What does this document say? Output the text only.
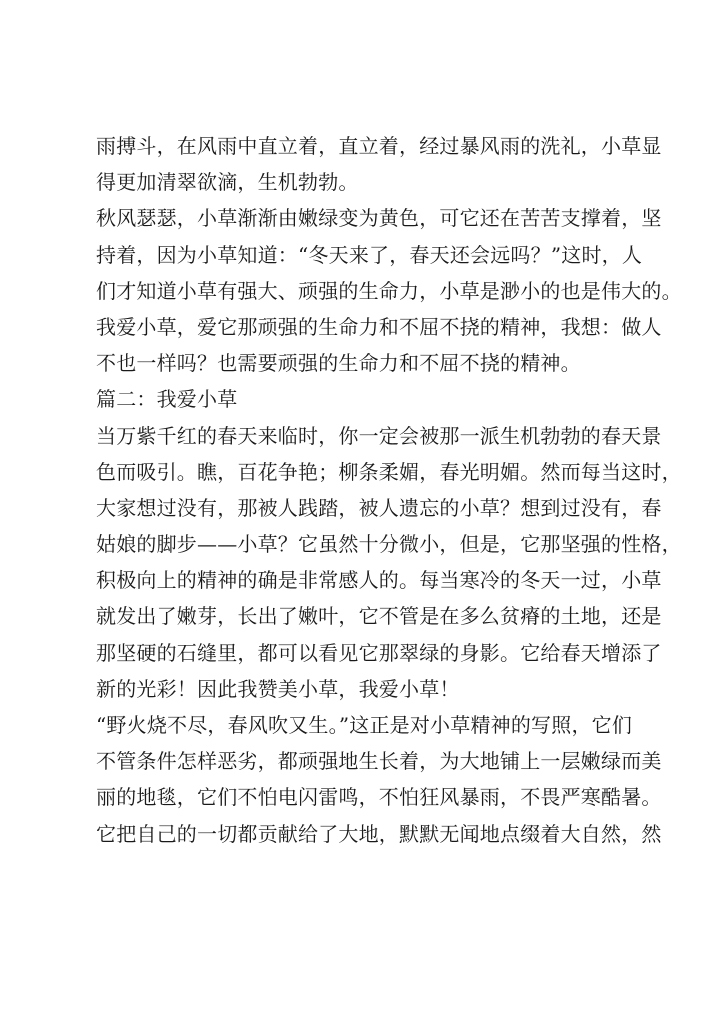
雨搏斗，在风雨中直立着，直立着，经过暴风雨的洗礼，小草显
得更加清翠欲滴，生机勃勃。
秋风瑟瑟，小草渐渐由嫩绿变为黄色，可它还在苦苦支撑着，坚
持着，因为小草知道：“冬天来了，春天还会远吗？”这时，人
们才知道小草有强大、顽强的生命力，小草是渺小的也是伟大的。
我爱小草，爱它那顽强的生命力和不屈不挠的精神，我想：做人
不也一样吗？也需要顽强的生命力和不屈不挠的精神。
篇二：我爱小草
当万紫千红的春天来临时，你一定会被那一派生机勃勃的春天景
色而吸引。瞧，百花争艳；柳条柔媚，春光明媚。然而每当这时，
大家想过没有，那被人践踏，被人遗忘的小草？想到过没有，春
姑娘的脚步——小草？它虽然十分微小，但是，它那坚强的性格，
积极向上的精神的确是非常感人的。每当寒冷的冬天一过，小草
就发出了嫩芽，长出了嫩叶，它不管是在多么贫瘠的土地，还是
那坚硬的石缝里，都可以看见它那翠绿的身影。它给春天增添了
新的光彩！因此我赞美小草，我爱小草！
“野火烧不尽，春风吹又生。”这正是对小草精神的写照，它们
不管条件怎样恶劣，都顽强地生长着，为大地铺上一层嫩绿而美
丽的地毯，它们不怕电闪雷鸣，不怕狂风暴雨，不畏严寒酷暑。
它把自己的一切都贡献给了大地，默默无闻地点缀着大自然，然
